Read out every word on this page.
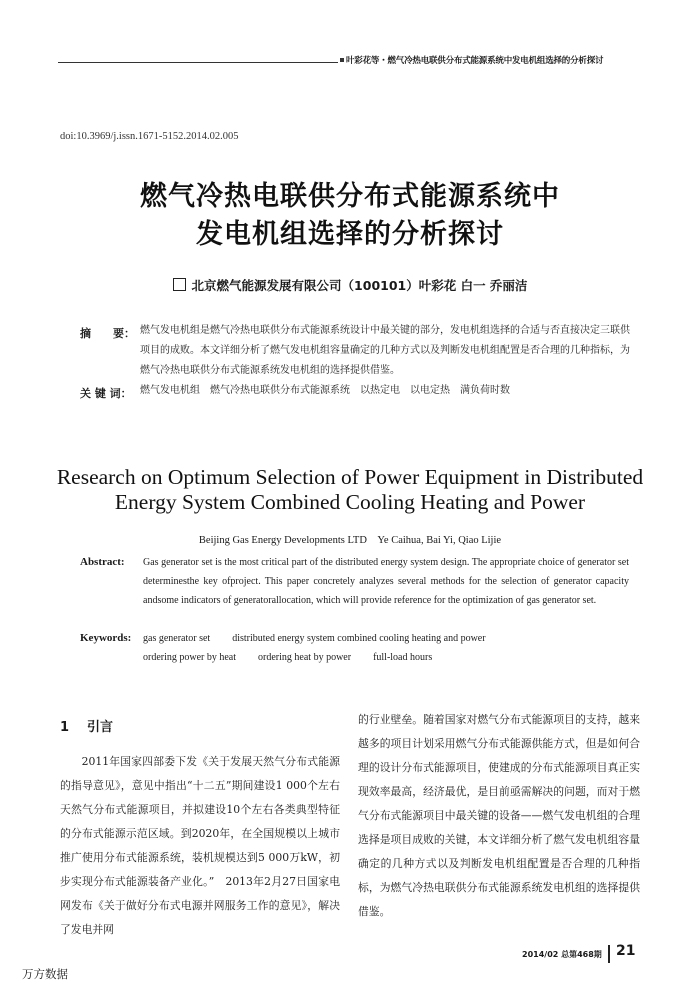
叶彩花等・燃气冷热电联供分布式能源系统中发电机组选择的分析探讨
doi:10.3969/j.issn.1671-5152.2014.02.005
燃气冷热电联供分布式能源系统中
发电机组选择的分析探讨
北京燃气能源发展有限公司（100101）叶彩花 白一 乔丽洁
摘　　要： 燃气发电机组是燃气冷热电联供分布式能源系统设计中最关键的部分，发电机组选择的合适与否直接决定三联供项目的成败。本文详细分析了燃气发电机组容量确定的几种方式以及判断发电机组配置是否合理的几种指标，为燃气冷热电联供分布式能源系统发电机组的选择提供借鉴。
关 键 词： 燃气发电机组　燃气冷热电联供分布式能源系统　以热定电　以电定热　满负荷时数
Research on Optimum Selection of Power Equipment in Distributed
Energy System Combined Cooling Heating and Power
Beijing Gas Energy Developments LTD　Ye Caihua, Bai Yi, Qiao Lijie
Abstract: Gas generator set is the most critical part of the distributed energy system design. The appropriate choice of generator set determinesthe key ofproject. This paper concretely analyzes several methods for the selection of generator capacity andsome indicators of generatorallocation, which will provide reference for the optimization of gas generator set.
Keywords: gas generator set distributed energy system combined cooling heating and power
ordering power by heat ordering heat by power full-load hours
1 引言
2011年国家四部委下发《关于发展天然气分布式能源的指导意见》，意见中指出“十二五”期间建设1 000个左右天然气分布式能源项目，并拟建设10个左右各类典型特征的分布式能源示范区域。到2020年，在全国规模以上城市推广使用分布式能源系统，装机规模达到5 000万kW，初步实现分布式能源装备产业化。”　2013年2月27日国家电网发布《关于做好分布式电源并网服务工作的意见》，解决了发电并网
的行业壁垒。随着国家对燃气分布式能源项目的支持，越来越多的项目计划采用燃气分布式能源供能方式，但是如何合理的设计分布式能源项目，使建成的分布式能源项目真正实现效率最高，经济最优，是目前亟需解决的问题，而对于燃气分布式能源项目中最关键的设备——燃气发电机组的合理选择是项目成败的关键，本文详细分析了燃气发电机组容量确定的几种方式以及判断发电机组配置是否合理的几种指标，为燃气冷热电联供分布式能源系统发电机组的选择提供借鉴。
2014/02 总第468期 21
万方数据
